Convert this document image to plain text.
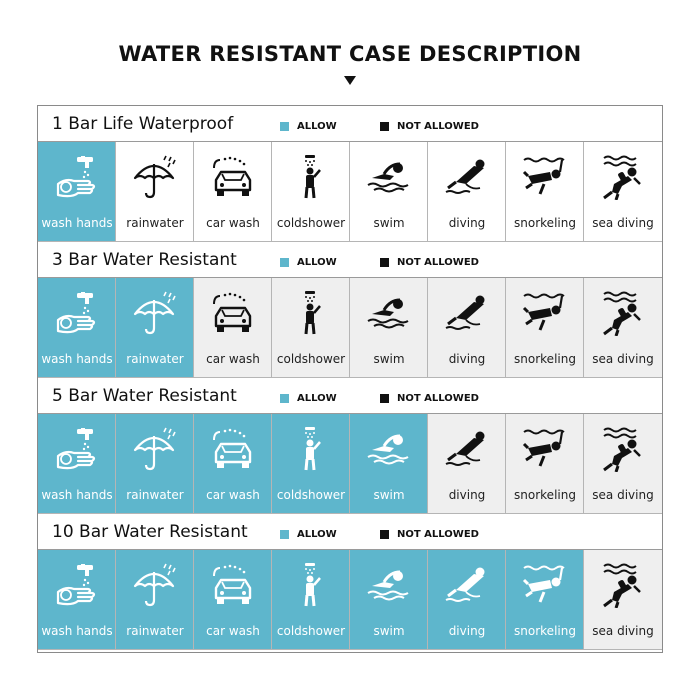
WATER RESISTANT CASE DESCRIPTION
1 Bar Life Waterproof	ALLOW	NOT ALLOWED
wash hands	rainwater	car wash	coldshower	swim	diving	snorkeling	sea diving
3 Bar Water Resistant	ALLOW	NOT ALLOWED
wash hands	rainwater	car wash	coldshower	swim	diving	snorkeling	sea diving
5 Bar Water Resistant	ALLOW	NOT ALLOWED
wash hands	rainwater	car wash	coldshower	swim	diving	snorkeling	sea diving
10 Bar Water Resistant	ALLOW	NOT ALLOWED
wash hands	rainwater	car wash	coldshower	swim	diving	snorkeling	sea diving
